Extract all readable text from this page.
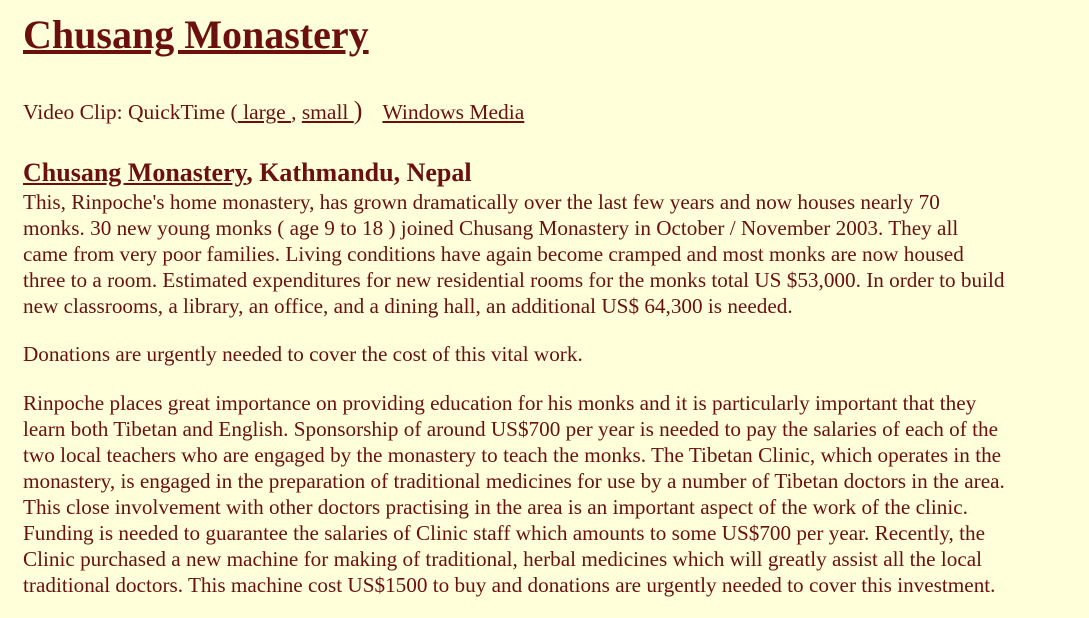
Chusang Monastery
Video Clip: QuickTime ( large , small ) Windows Media
Chusang Monastery, Kathmandu, Nepal

This, Rinpoche's home monastery, has grown dramatically over the last few years and now houses nearly 70
monks. 30 new young monks ( age 9 to 18 ) joined Chusang Monastery in October / November 2003. They all
came from very poor families. Living conditions have again become cramped and most monks are now housed
three to a room. Estimated expenditures for new residential rooms for the monks total US $53,000. In order to build
new classrooms, a library, an office, and a dining hall, an additional US$ 64,300 is needed.

Donations are urgently needed to cover the cost of this vital work.

Rinpoche places great importance on providing education for his monks and it is particularly important that they
learn both Tibetan and English. Sponsorship of around US$700 per year is needed to pay the salaries of each of the
two local teachers who are engaged by the monastery to teach the monks. The Tibetan Clinic, which operates in the
monastery, is engaged in the preparation of traditional medicines for use by a number of Tibetan doctors in the area.
This close involvement with other doctors practising in the area is an important aspect of the work of the clinic.
Funding is needed to guarantee the salaries of Clinic staff which amounts to some US$700 per year. Recently, the
Clinic purchased a new machine for making of traditional, herbal medicines which will greatly assist all the local
traditional doctors. This machine cost US$1500 to buy and donations are urgently needed to cover this investment.
